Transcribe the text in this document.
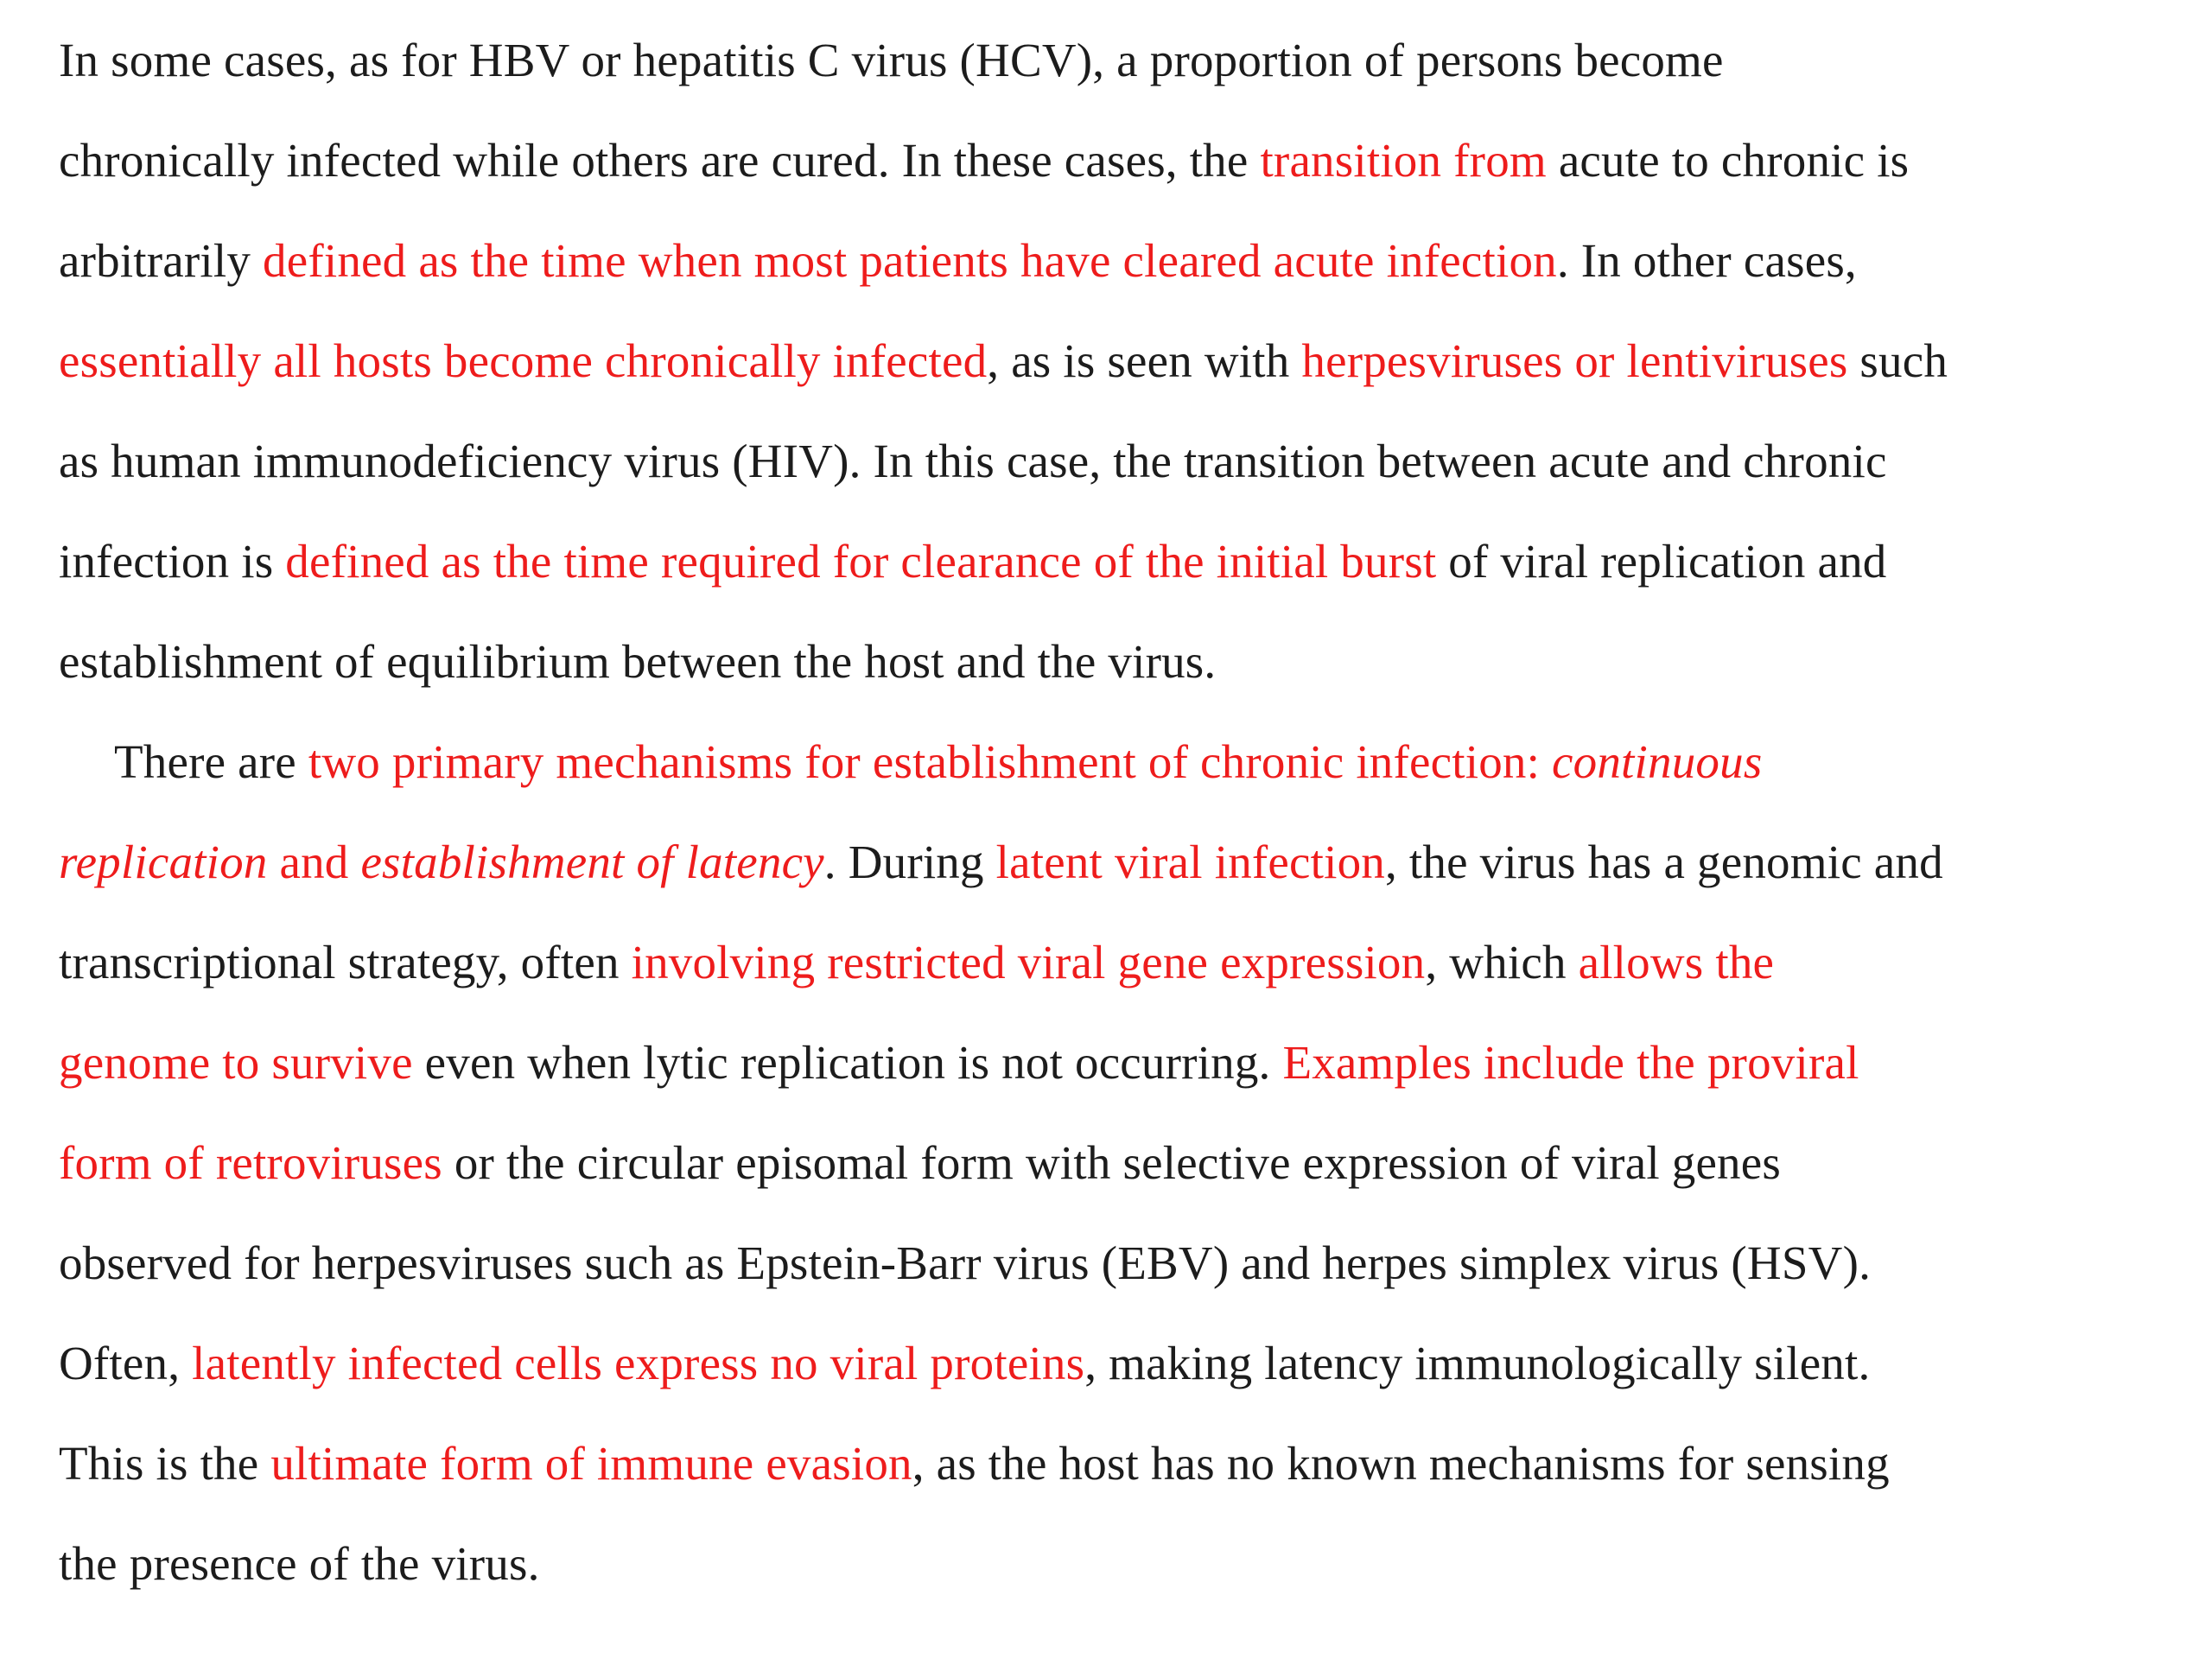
In some cases, as for HBV or hepatitis C virus (HCV), a proportion of persons become
chronically infected while others are cured. In these cases, the transition from acute to chronic is
arbitrarily defined as the time when most patients have cleared acute infection. In other cases,
essentially all hosts become chronically infected, as is seen with herpesviruses or lentiviruses such
as human immunodeficiency virus (HIV). In this case, the transition between acute and chronic
infection is defined as the time required for clearance of the initial burst of viral replication and
establishment of equilibrium between the host and the virus.
There are two primary mechanisms for establishment of chronic infection: continuous
replication and establishment of latency. During latent viral infection, the virus has a genomic and
transcriptional strategy, often involving restricted viral gene expression, which allows the
genome to survive even when lytic replication is not occurring. Examples include the proviral
form of retroviruses or the circular episomal form with selective expression of viral genes
observed for herpesviruses such as Epstein-Barr virus (EBV) and herpes simplex virus (HSV).
Often, latently infected cells express no viral proteins, making latency immunologically silent.
This is the ultimate form of immune evasion, as the host has no known mechanisms for sensing
the presence of the virus.
